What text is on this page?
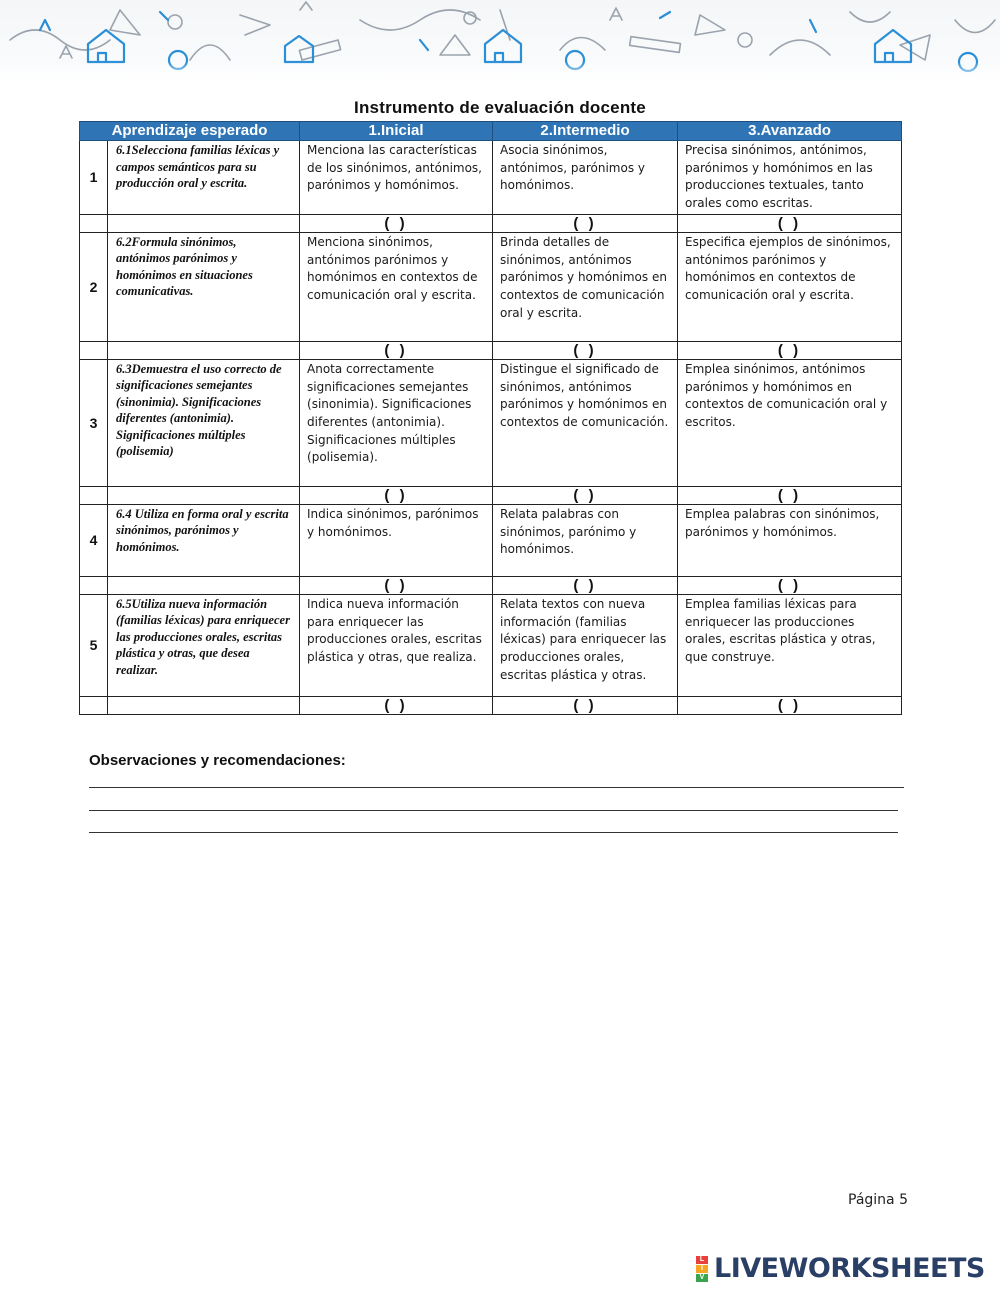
Instrumento de evaluación docente
Aprendizaje esperado		1.Inicial	2.Intermedio	3.Avanzado
1	6.1Selecciona familias léxicas y campos semánticos para su producción oral y escrita.	Menciona las características de los sinónimos, antónimos, parónimos y homónimos.	Asocia sinónimos, antónimos, parónimos y homónimos.	Precisa sinónimos, antónimos, parónimos y homónimos en las producciones textuales, tanto orales como escritas.
		( )	( )	( )
2	6.2Formula sinónimos, antónimos parónimos y homónimos en situaciones comunicativas.	Menciona sinónimos, antónimos parónimos y homónimos en contextos de comunicación oral y escrita.	Brinda detalles de sinónimos, antónimos parónimos y homónimos en contextos de comunicación oral y escrita.	Especifica ejemplos de sinónimos, antónimos parónimos y homónimos en contextos de comunicación oral y escrita.
		( )	( )	( )
3	6.3Demuestra el uso correcto de significaciones semejantes (sinonimia). Significaciones diferentes (antonimia). Significaciones múltiples (polisemia)	Anota correctamente significaciones semejantes (sinonimia). Significaciones diferentes (antonimia). Significaciones múltiples (polisemia).	Distingue el significado de sinónimos, antónimos parónimos y homónimos en contextos de comunicación.	Emplea sinónimos, antónimos parónimos y homónimos en contextos de comunicación oral y escritos.
		( )	( )	( )
4	6.4 Utiliza en forma oral y escrita sinónimos, parónimos y homónimos.	Indica sinónimos, parónimos y homónimos.	Relata palabras con sinónimos, parónimo y homónimos.	Emplea palabras con sinónimos, parónimos y homónimos.
		( )	( )	( )
5	6.5Utiliza nueva información (familias léxicas) para enriquecer las producciones orales, escritas plástica y otras, que desea realizar.	Indica nueva información para enriquecer las producciones orales, escritas plástica y otras, que realiza.	Relata textos con nueva información (familias léxicas) para enriquecer las producciones orales, escritas plástica y otras.	Emplea familias léxicas para enriquecer las producciones orales, escritas plástica y otras, que construye.
		( )	( )	( )
Observaciones y recomendaciones:
Página 5
L
I
V LIVEWORKSHEETS
